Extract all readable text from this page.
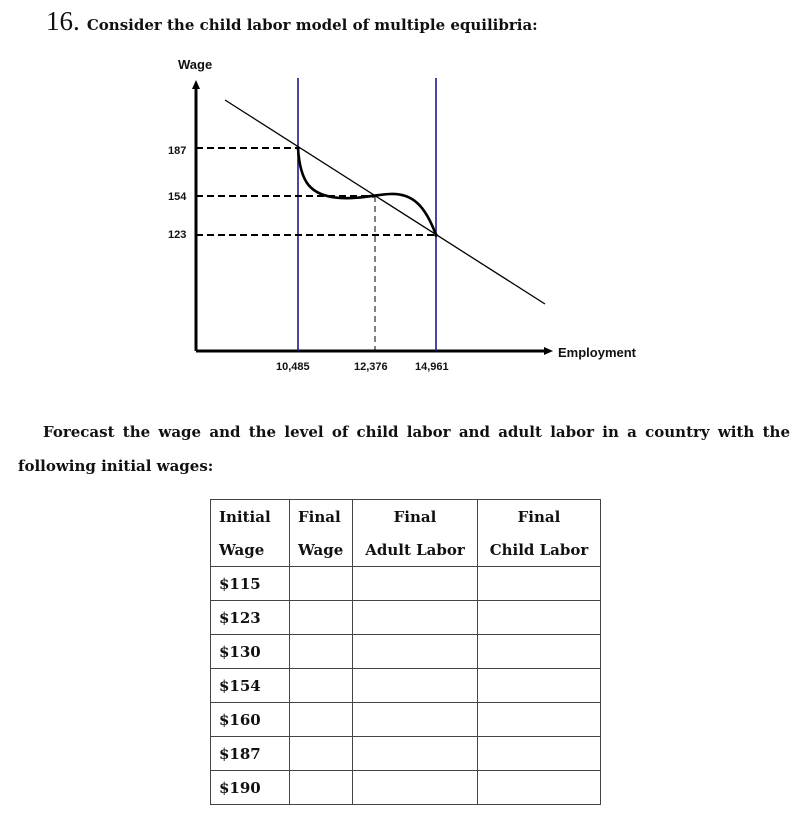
16. Consider the child labor model of multiple equilibria:
Wage
Employment
187
154
123
10,485	12,376 14,961
Forecast the wage and the level of child labor and adult labor in a country with the
following initial wages:
Initial	Final	Final	Final
Wage	Wage	Adult Labor	Child Labor
$115			
$123			
$130			
$154			
$160			
$187			
$190			
